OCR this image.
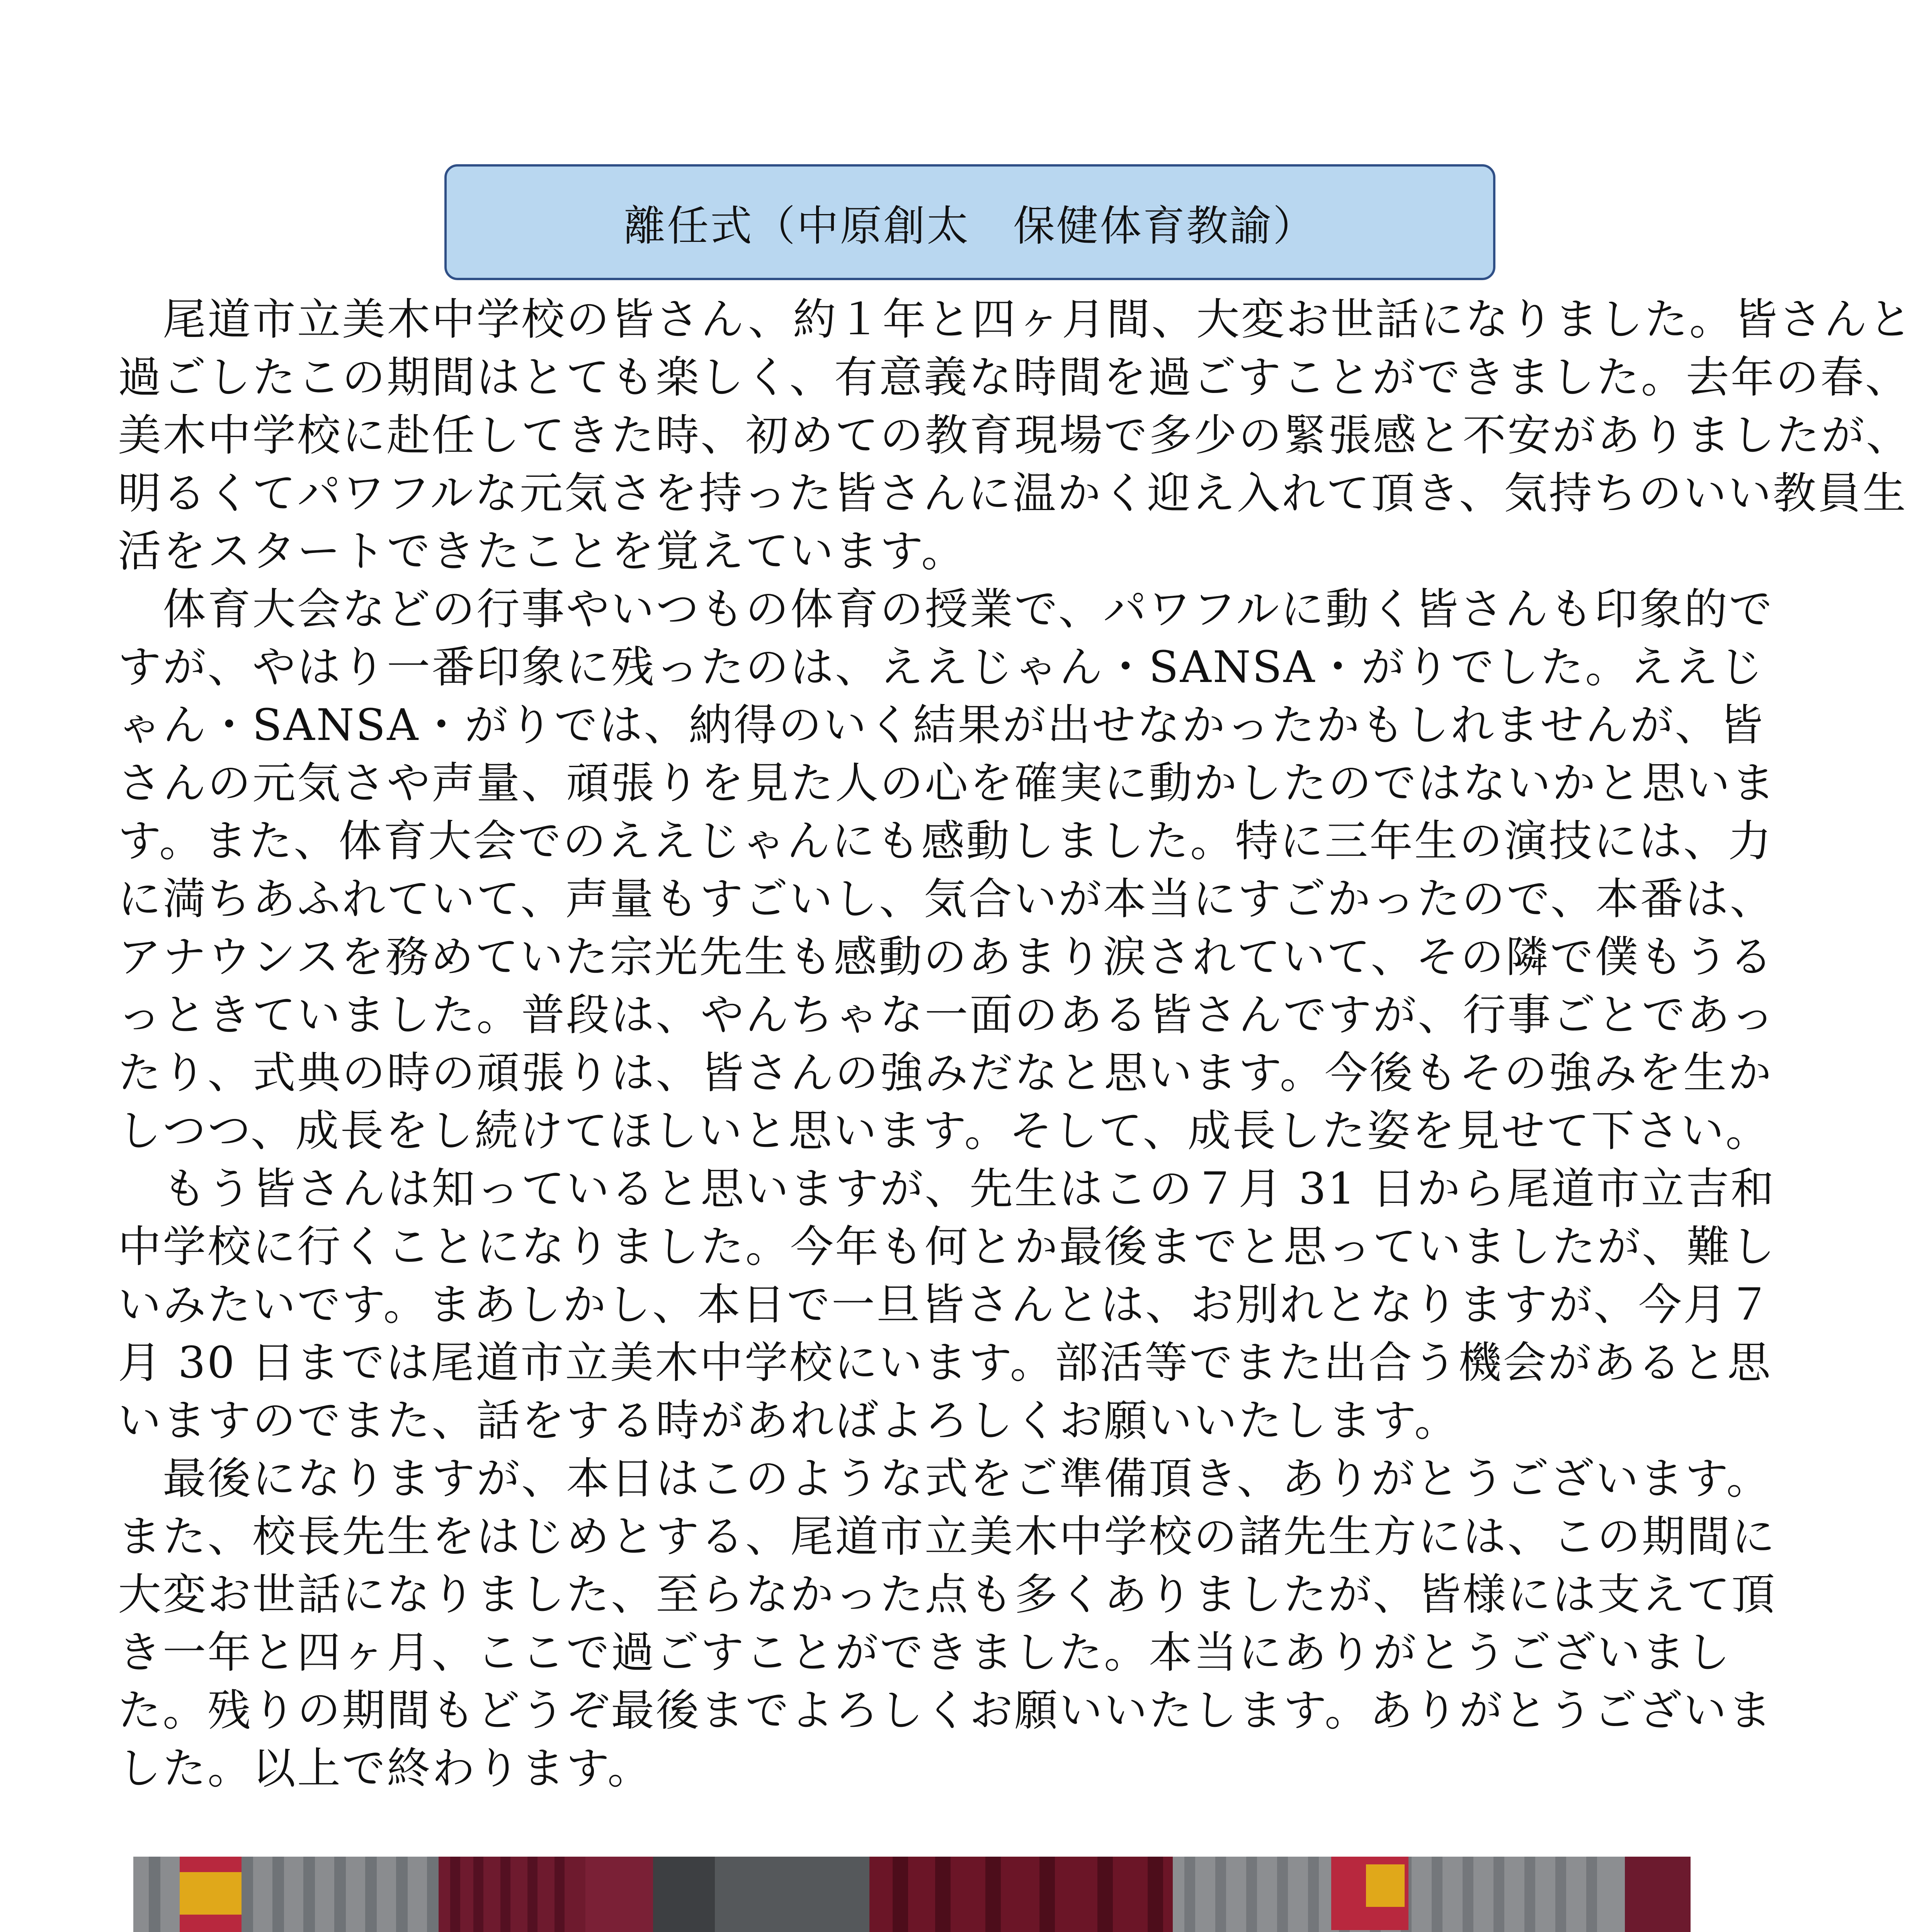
離任式（中原創太　保健体育教諭）
　尾道市立美木中学校の皆さん、約１年と四ヶ月間、大変お世話になりました。皆さんと
過ごしたこの期間はとても楽しく、有意義な時間を過ごすことができました。去年の春、
美木中学校に赴任してきた時、初めての教育現場で多少の緊張感と不安がありましたが、
明るくてパワフルな元気さを持った皆さんに温かく迎え入れて頂き、気持ちのいい教員生
活をスタートできたことを覚えています。
　体育大会などの行事やいつもの体育の授業で、パワフルに動く皆さんも印象的で
すが、やはり一番印象に残ったのは、ええじゃん・SANSA・がりでした。ええじ
ゃん・SANSA・がりでは、納得のいく結果が出せなかったかもしれませんが、皆
さんの元気さや声量、頑張りを見た人の心を確実に動かしたのではないかと思いま
す。また、体育大会でのええじゃんにも感動しました。特に三年生の演技には、力
に満ちあふれていて、声量もすごいし、気合いが本当にすごかったので、本番は、
アナウンスを務めていた宗光先生も感動のあまり涙されていて、その隣で僕もうる
っときていました。普段は、やんちゃな一面のある皆さんですが、行事ごとであっ
たり、式典の時の頑張りは、皆さんの強みだなと思います。今後もその強みを生か
しつつ、成長をし続けてほしいと思います。そして、成長した姿を見せて下さい。
　もう皆さんは知っていると思いますが、先生はこの７月 31 日から尾道市立吉和
中学校に行くことになりました。今年も何とか最後までと思っていましたが、難し
いみたいです。まあしかし、本日で一旦皆さんとは、お別れとなりますが、今月７
月 30 日までは尾道市立美木中学校にいます。部活等でまた出合う機会があると思
いますのでまた、話をする時があればよろしくお願いいたします。
　最後になりますが、本日はこのような式をご準備頂き、ありがとうございます。
また、校長先生をはじめとする、尾道市立美木中学校の諸先生方には、この期間に
大変お世話になりました、至らなかった点も多くありましたが、皆様には支えて頂
き一年と四ヶ月、ここで過ごすことができました。本当にありがとうございまし
た。残りの期間もどうぞ最後までよろしくお願いいたします。ありがとうございま
した。以上で終わります。
